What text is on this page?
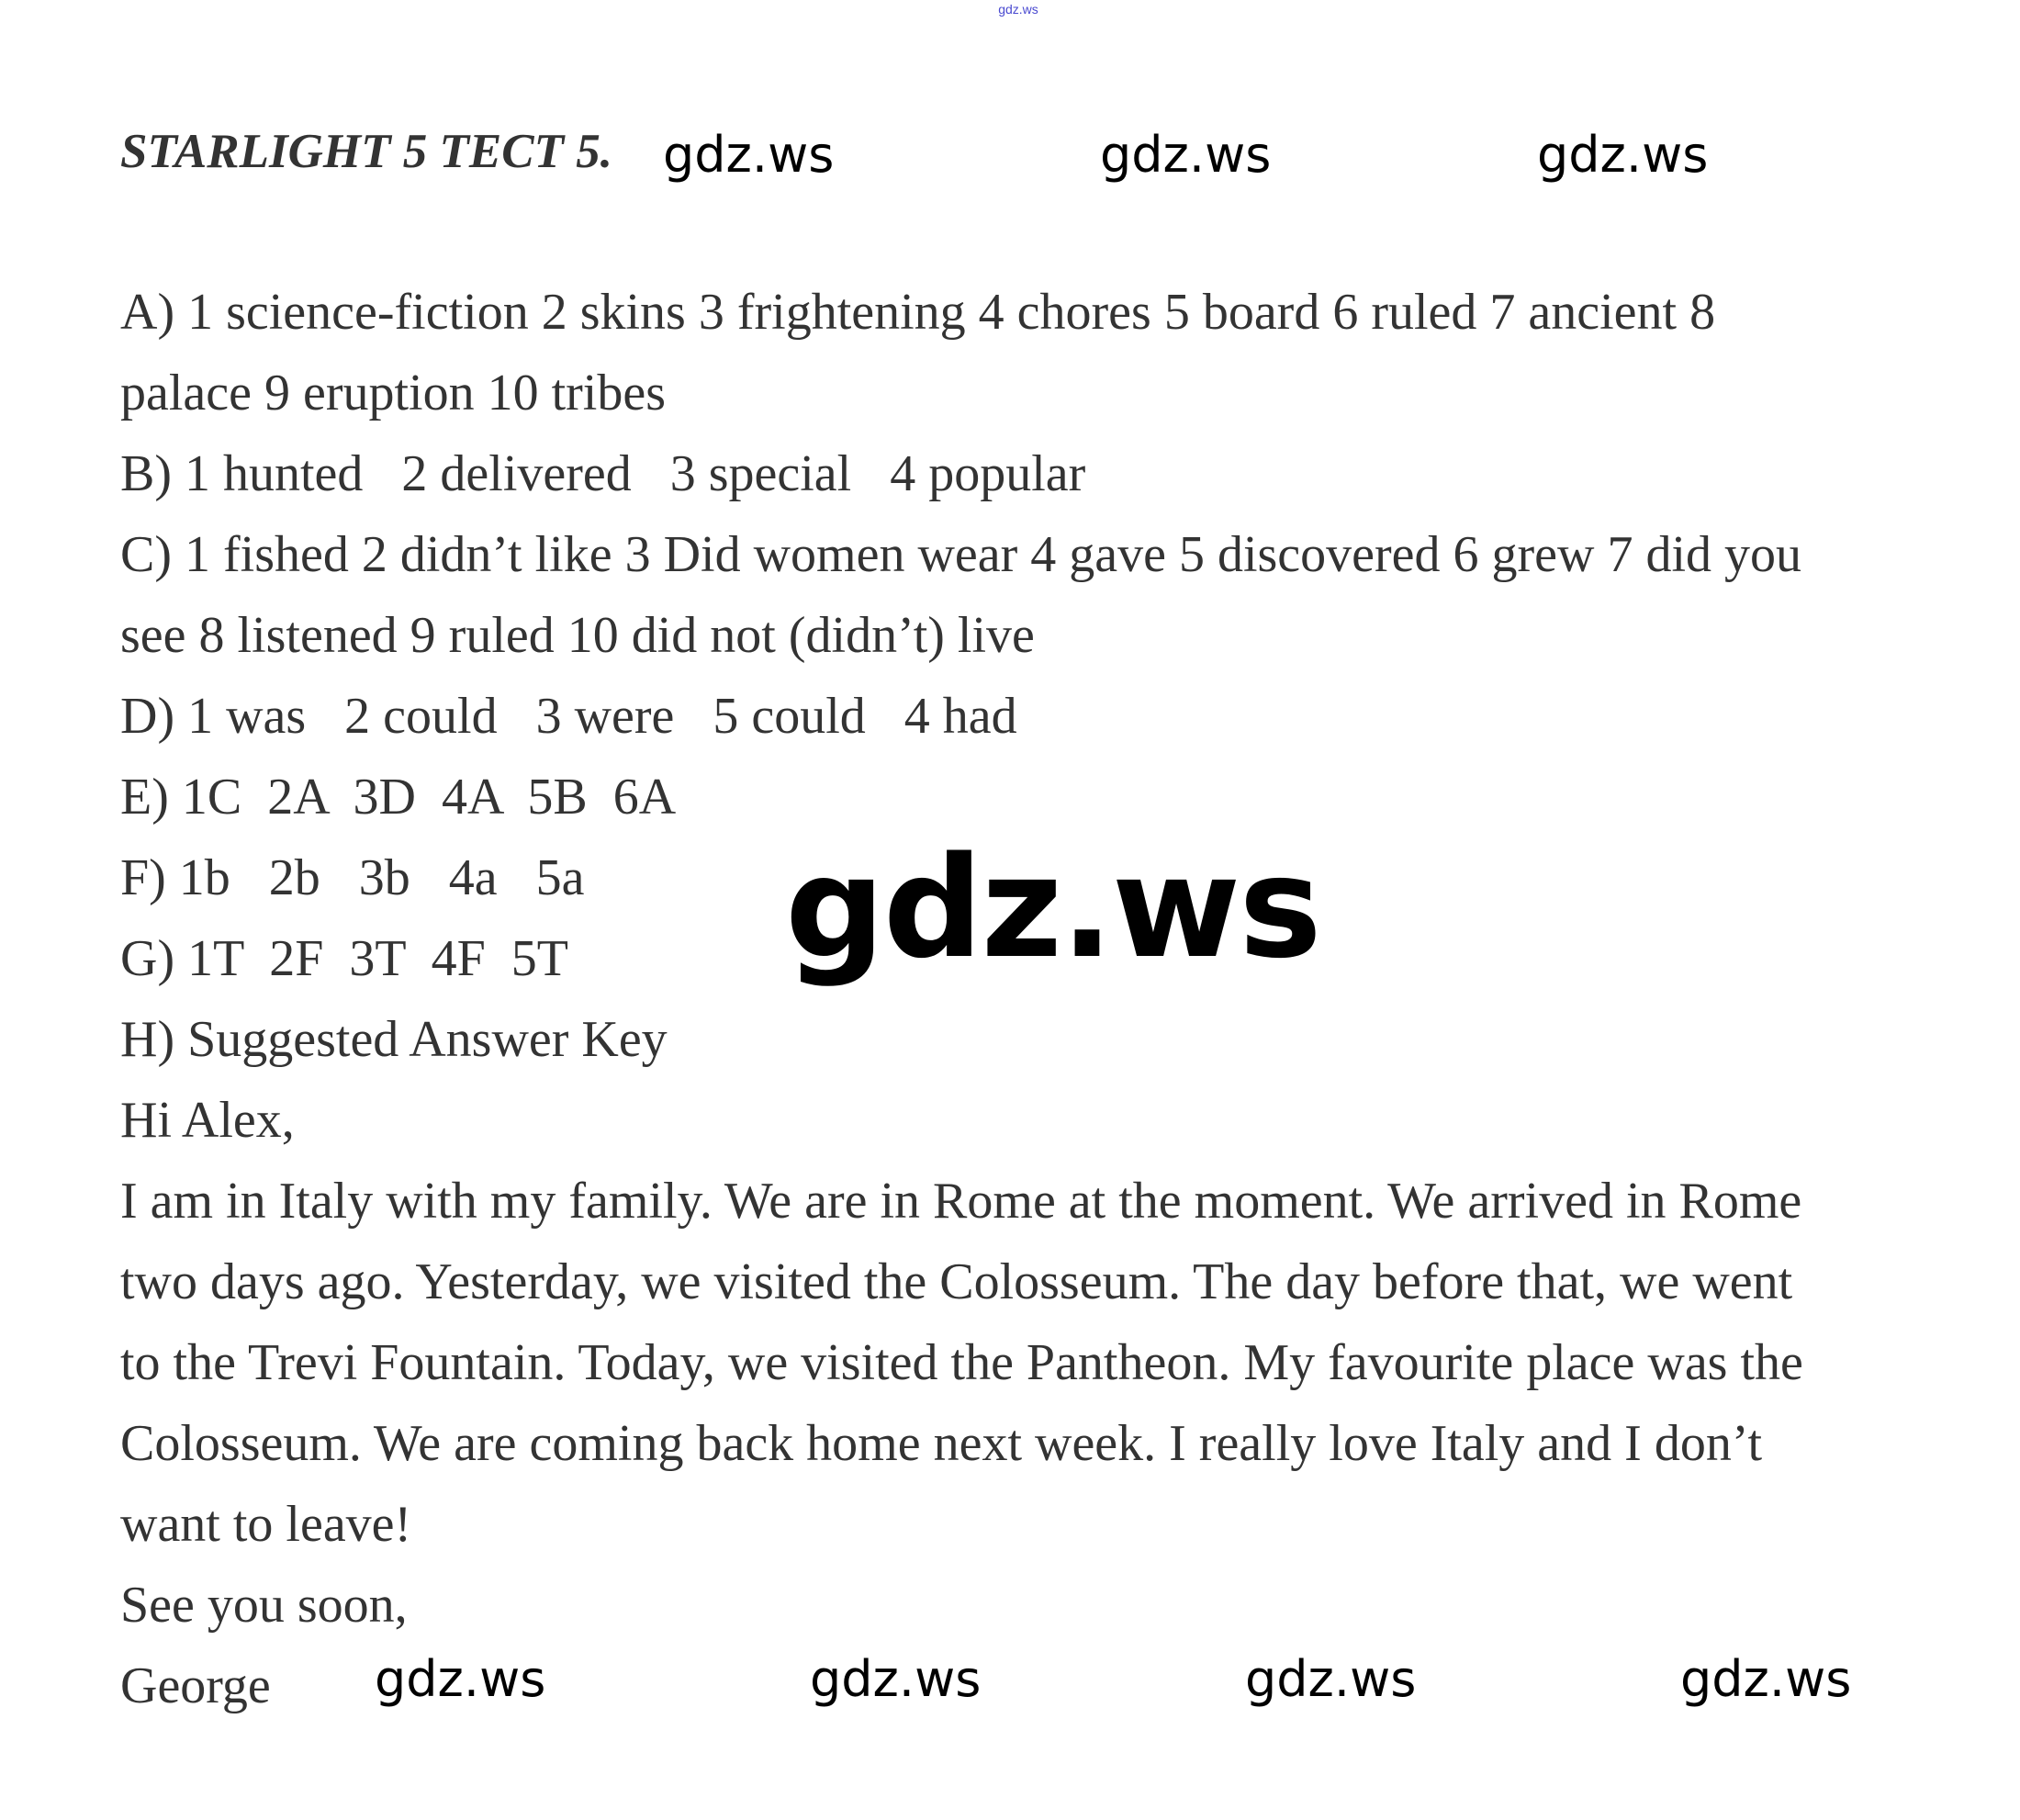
gdz.ws
STARLIGHT 5 TECT 5. gdz.ws	gdz.ws	gdz.ws
A) 1 science-fiction 2 skins 3 frightening 4 chores 5 board 6 ruled 7 ancient 8
palace 9 eruption 10 tribes
B) 1 hunted   2 delivered   3 special   4 popular
C) 1 fished 2 didn’t like 3 Did women wear 4 gave 5 discovered 6 grew 7 did you
see 8 listened 9 ruled 10 did not (didn’t) live
D) 1 was   2 could   3 were   5 could   4 had
E) 1C  2A  3D  4A  5B  6A
F) 1b   2b   3b   4a   5a
G) 1T  2F  3T  4F  5T
H) Suggested Answer Key
Hi Alex,
I am in Italy with my family. We are in Rome at the moment. We arrived in Rome
two days ago. Yesterday, we visited the Colosseum. The day before that, we went
to the Trevi Fountain. Today, we visited the Pantheon. My favourite place was the
Colosseum. We are coming back home next week. I really love Italy and I don’t
want to leave!
See you soon,
George
gdz.ws
gdz.ws	gdz.ws	gdz.ws	gdz.ws
